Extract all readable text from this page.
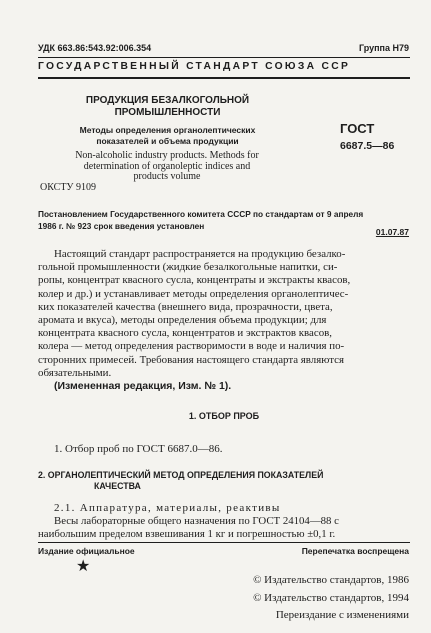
УДК 663.86:543.92:006.354	Группа Н79
ГОСУДАРСТВЕННЫЙ СТАНДАРТ СОЮЗА ССР
ПРОДУКЦИЯ БЕЗАЛКОГОЛЬНОЙ
ПРОМЫШЛЕННОСТИ
Методы определения органолептических
показателей и объема продукции
Non-alcoholic industry products. Methods for
determination of organoleptic indices and
products volume
ОКСТУ 9109
ГОСТ
6687.5—86
Постановлением Государственного комитета СССР по стандартам от 9 апреля
1986 г. № 923 срок введения установлен
01.07.87
Настоящий стандарт распространяется на продукцию безалко-
гольной промышленности (жидкие безалкогольные напитки, си-
ропы, концентрат квасного сусла, концентраты и экстракты квасов,
колер и др.) и устанавливает методы определения органолептичес-
ких показателей качества (внешнего вида, прозрачности, цвета,
аромата и вкуса), методы определения объема продукции; для
концентрата квасного сусла, концентратов и экстрактов квасов,
колера — метод определения растворимости в воде и наличия по-
сторонних примесей. Требования настоящего стандарта являются
обязательными.
(Измененная редакция, Изм. № 1).
1. ОТБОР ПРОБ
1. Отбор проб по ГОСТ 6687.0—86.
2. ОРГАНОЛЕПТИЧЕСКИЙ МЕТОД ОПРЕДЕЛЕНИЯ ПОКАЗАТЕЛЕЙ
КАЧЕСТВА
2.1. Аппаратура, материалы, реактивы
Весы лабораторные общего назначения по ГОСТ 24104—88 с
наибольшим пределом взвешивания 1 кг и погрешностью ±0,1 г.
Издание официальное	Перепечатка воспрещена
★
© Издательство стандартов, 1986
© Издательство стандартов, 1994
Переиздание с изменениями
